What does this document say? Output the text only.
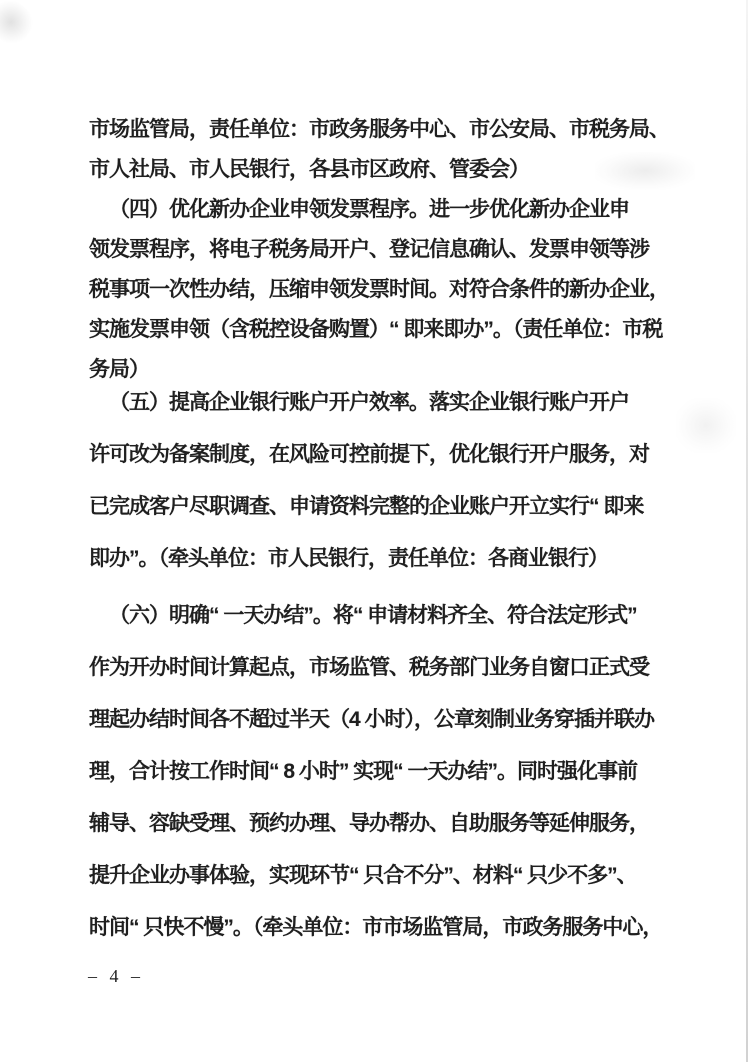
市场监管局，责任单位：市政务服务中心、市公安局、市税务局、
市人社局、市人民银行，各县市区政府、管委会）
（四）优化新办企业申领发票程序。进一步优化新办企业申
领发票程序，将电子税务局开户、登记信息确认、发票申领等涉
税事项一次性办结，压缩申领发票时间。对符合条件的新办企业，
实施发票申领（含税控设备购置）“ 即来即办”。（责任单位：市税
务局）
（五）提高企业银行账户开户效率。落实企业银行账户开户
许可改为备案制度，在风险可控前提下，优化银行开户服务，对
已完成客户尽职调查、申请资料完整的企业账户开立实行“ 即来
即办”。（牵头单位：市人民银行，责任单位：各商业银行）
（六）明确“ 一天办结”。将“ 申请材料齐全、符合法定形式”
作为开办时间计算起点，市场监管、税务部门业务自窗口正式受
理起办结时间各不超过半天（4 小时），公章刻制业务穿插并联办
理，合计按工作时间“ 8 小时” 实现“ 一天办结”。同时强化事前
辅导、容缺受理、预约办理、导办帮办、自助服务等延伸服务，
提升企业办事体验，实现环节“ 只合不分”、材料“ 只少不多”、
时间“ 只快不慢”。（牵头单位：市市场监管局，市政务服务中心，
– 4 –
